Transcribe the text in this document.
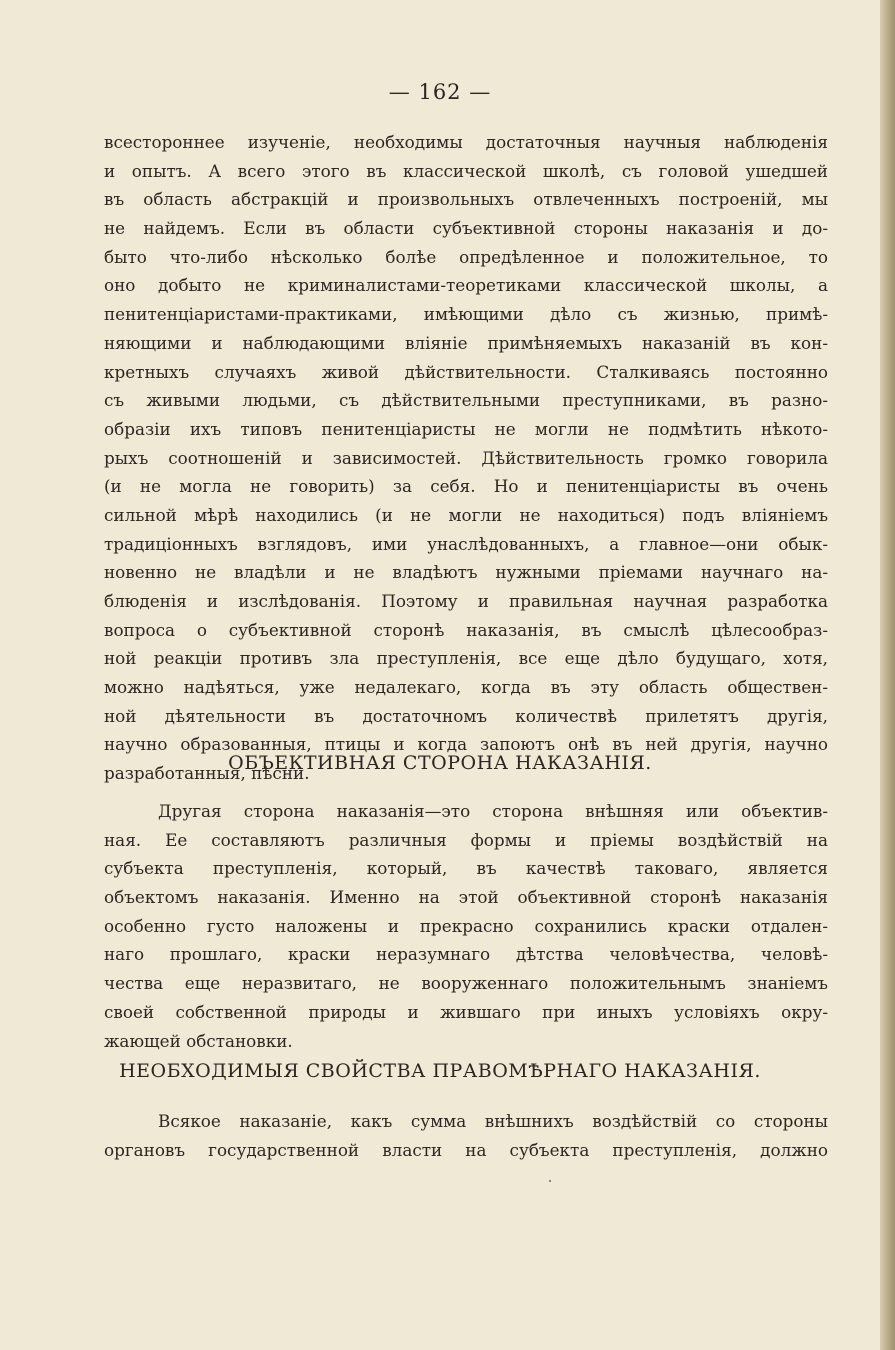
— 162 —
всестороннее изученіе, необходимы достаточныя научныя наблюденія
и опытъ. А всего этого въ классической школѣ, съ головой ушедшей
въ область абстракцій и произвольныхъ отвлеченныхъ построеній, мы
не найдемъ. Если въ области субъективной стороны наказанія и до-
быто что-либо нѣсколько болѣе опредѣленное и положительное, то
оно добыто не криминалистами-теоретиками классической школы, а
пенитенціаристами-практиками, имѣющими дѣло съ жизнью, примѣ-
няющими и наблюдающими вліяніе примѣняемыхъ наказаній въ кон-
кретныхъ случаяхъ живой дѣйствительности. Сталкиваясь постоянно
съ живыми людьми, съ дѣйствительными преступниками, въ разно-
образіи ихъ типовъ пенитенціаристы не могли не подмѣтить нѣкото-
рыхъ соотношеній и зависимостей. Дѣйствительность громко говорила
(и не могла не говорить) за себя. Но и пенитенціаристы въ очень
сильной мѣрѣ находились (и не могли не находиться) подъ вліяніемъ
традиціонныхъ взглядовъ, ими унаслѣдованныхъ, а главное—они обык-
новенно не владѣли и не владѣютъ нужными пріемами научнаго на-
блюденія и изслѣдованія. Поэтому и правильная научная разработка
вопроса о субъективной сторонѣ наказанія, въ смыслѣ цѣлесообраз-
ной реакціи противъ зла преступленія, все еще дѣло будущаго, хотя,
можно надѣяться, уже недалекаго, когда въ эту область обществен-
ной дѣятельности въ достаточномъ количествѣ прилетятъ другія,
научно образованныя, птицы и когда запоютъ онѣ въ ней другія, научно
разработанныя, пѣсни.
ОБЪЕКТИВНАЯ СТОРОНА НАКАЗАНІЯ.
Другая сторона наказанія—это сторона внѣшняя или объектив-
ная. Ее составляютъ различныя формы и пріемы воздѣйствій на
субъекта преступленія, который, въ качествѣ таковаго, является
объектомъ наказанія. Именно на этой объективной сторонѣ наказанія
особенно густо наложены и прекрасно сохранились краски отдален-
наго прошлаго, краски неразумнаго дѣтства человѣчества, человѣ-
чества еще неразвитаго, не вооруженнаго положительнымъ знаніемъ
своей собственной природы и жившаго при иныхъ условіяхъ окру-
жающей обстановки.
НЕОБХОДИМЫЯ СВОЙСТВА ПРАВОМѢРНАГО НАКАЗАНІЯ.
Всякое наказаніе, какъ сумма внѣшнихъ воздѣйствій со стороны
органовъ государственной власти на субъекта преступленія, должно
